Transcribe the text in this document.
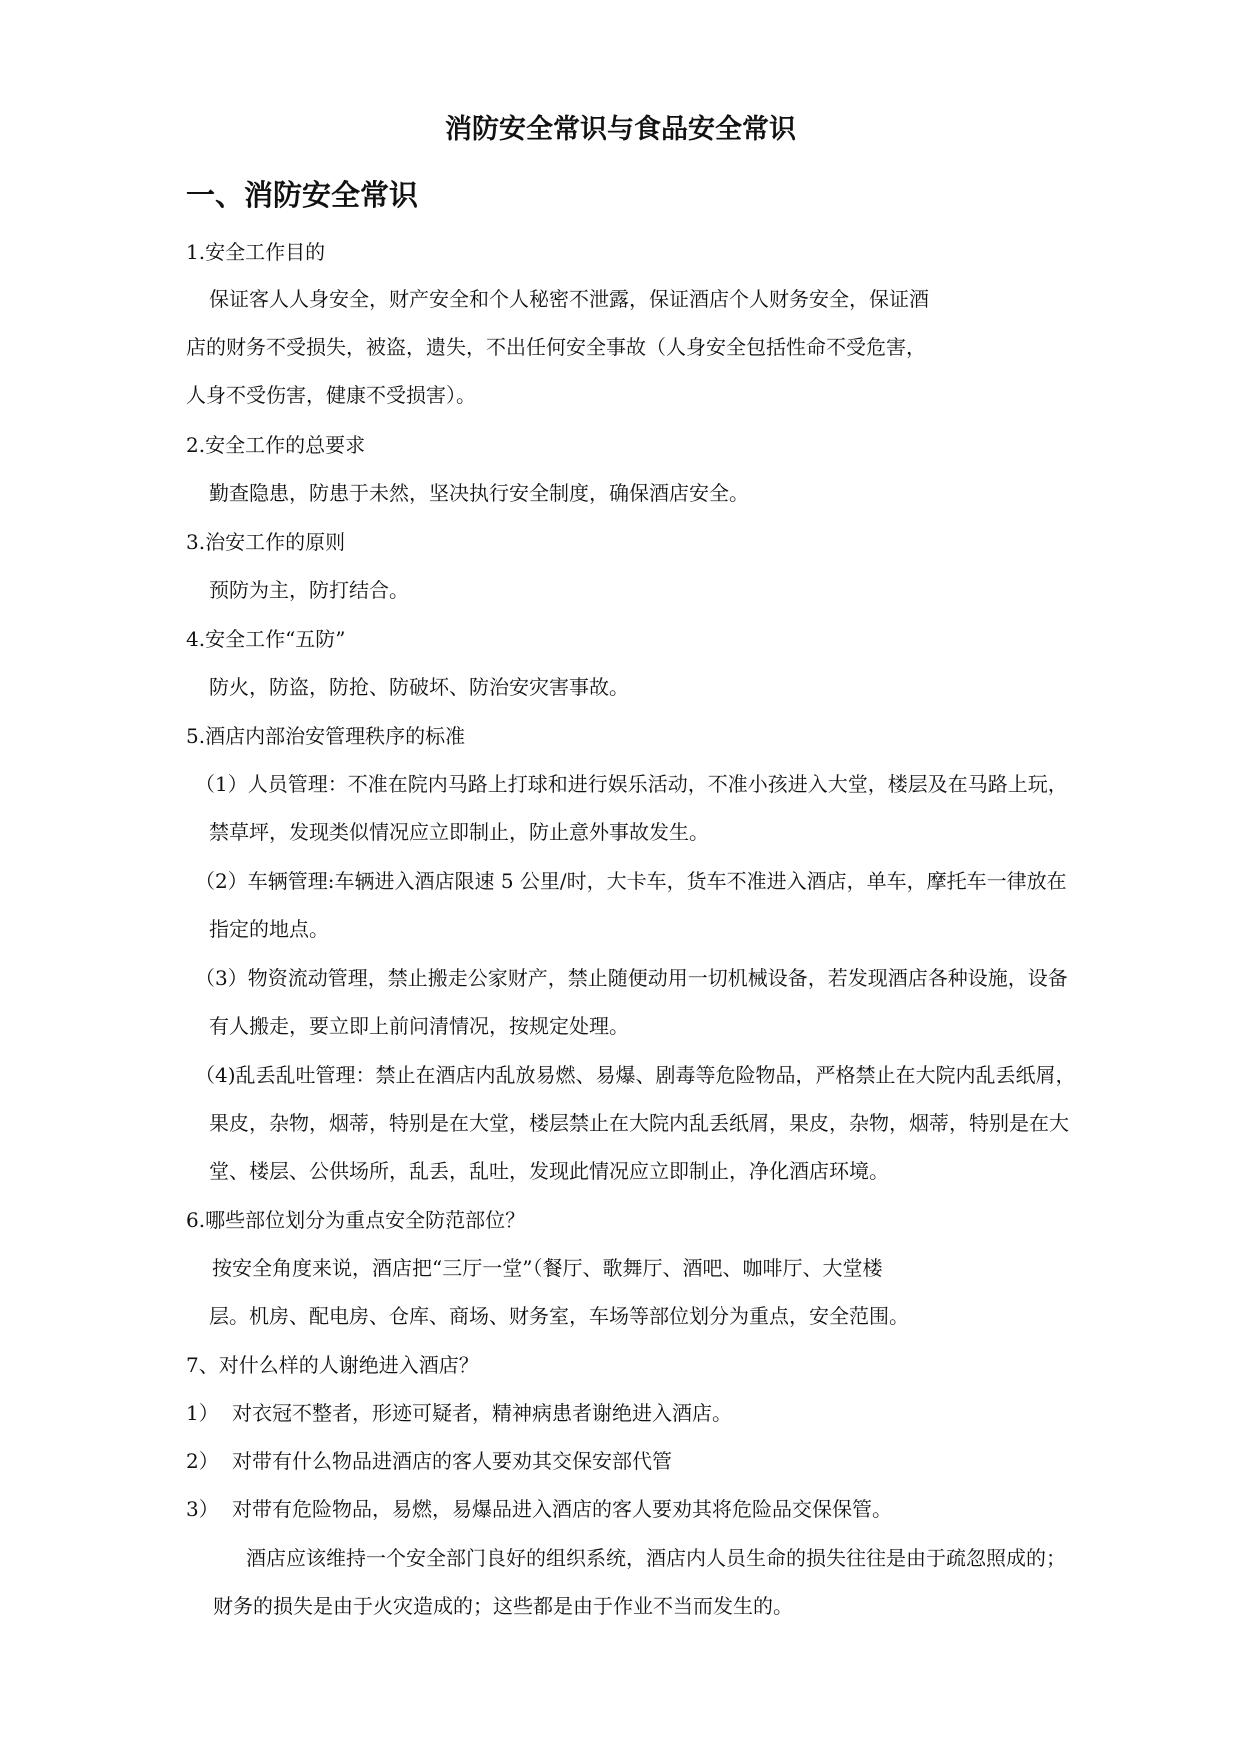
消防安全常识与食品安全常识
一、消防安全常识
1.安全工作目的
保证客人人身安全，财产安全和个人秘密不泄露，保证酒店个人财务安全，保证酒
店的财务不受损失，被盗，遗失，不出任何安全事故（人身安全包括性命不受危害，
人身不受伤害，健康不受损害）。
2.安全工作的总要求
勤查隐患，防患于未然，坚决执行安全制度，确保酒店安全。
3.治安工作的原则
预防为主，防打结合。
4.安全工作“五防”
防火，防盗，防抢、防破坏、防治安灾害事故。
5.酒店内部治安管理秩序的标准
（1）人员管理：不准在院内马路上打球和进行娱乐活动，不准小孩进入大堂，楼层及在马路上玩，
禁草坪，发现类似情况应立即制止，防止意外事故发生。
（2）车辆管理:车辆进入酒店限速 5 公里/时，大卡车，货车不准进入酒店，单车，摩托车一律放在
指定的地点。
（3）物资流动管理，禁止搬走公家财产，禁止随便动用一切机械设备，若发现酒店各种设施，设备
有人搬走，要立即上前问清情况，按规定处理。
（4)乱丢乱吐管理：禁止在酒店内乱放易燃、易爆、剧毒等危险物品，严格禁止在大院内乱丢纸屑，
果皮，杂物，烟蒂，特别是在大堂，楼层禁止在大院内乱丢纸屑，果皮，杂物，烟蒂，特别是在大
堂、楼层、公供场所，乱丢，乱吐，发现此情况应立即制止，净化酒店环境。
6.哪些部位划分为重点安全防范部位？
按安全角度来说，酒店把“三厅一堂”（餐厅、歌舞厅、酒吧、咖啡厅、大堂楼
层。机房、配电房、仓库、商场、财务室，车场等部位划分为重点，安全范围。
7、对什么样的人谢绝进入酒店？
1） 对衣冠不整者，形迹可疑者，精神病患者谢绝进入酒店。
2） 对带有什么物品进酒店的客人要劝其交保安部代管
3） 对带有危险物品，易燃，易爆品进入酒店的客人要劝其将危险品交保保管。
酒店应该维持一个安全部门良好的组织系统，酒店内人员生命的损失往往是由于疏忽照成的；
财务的损失是由于火灾造成的；这些都是由于作业不当而发生的。
